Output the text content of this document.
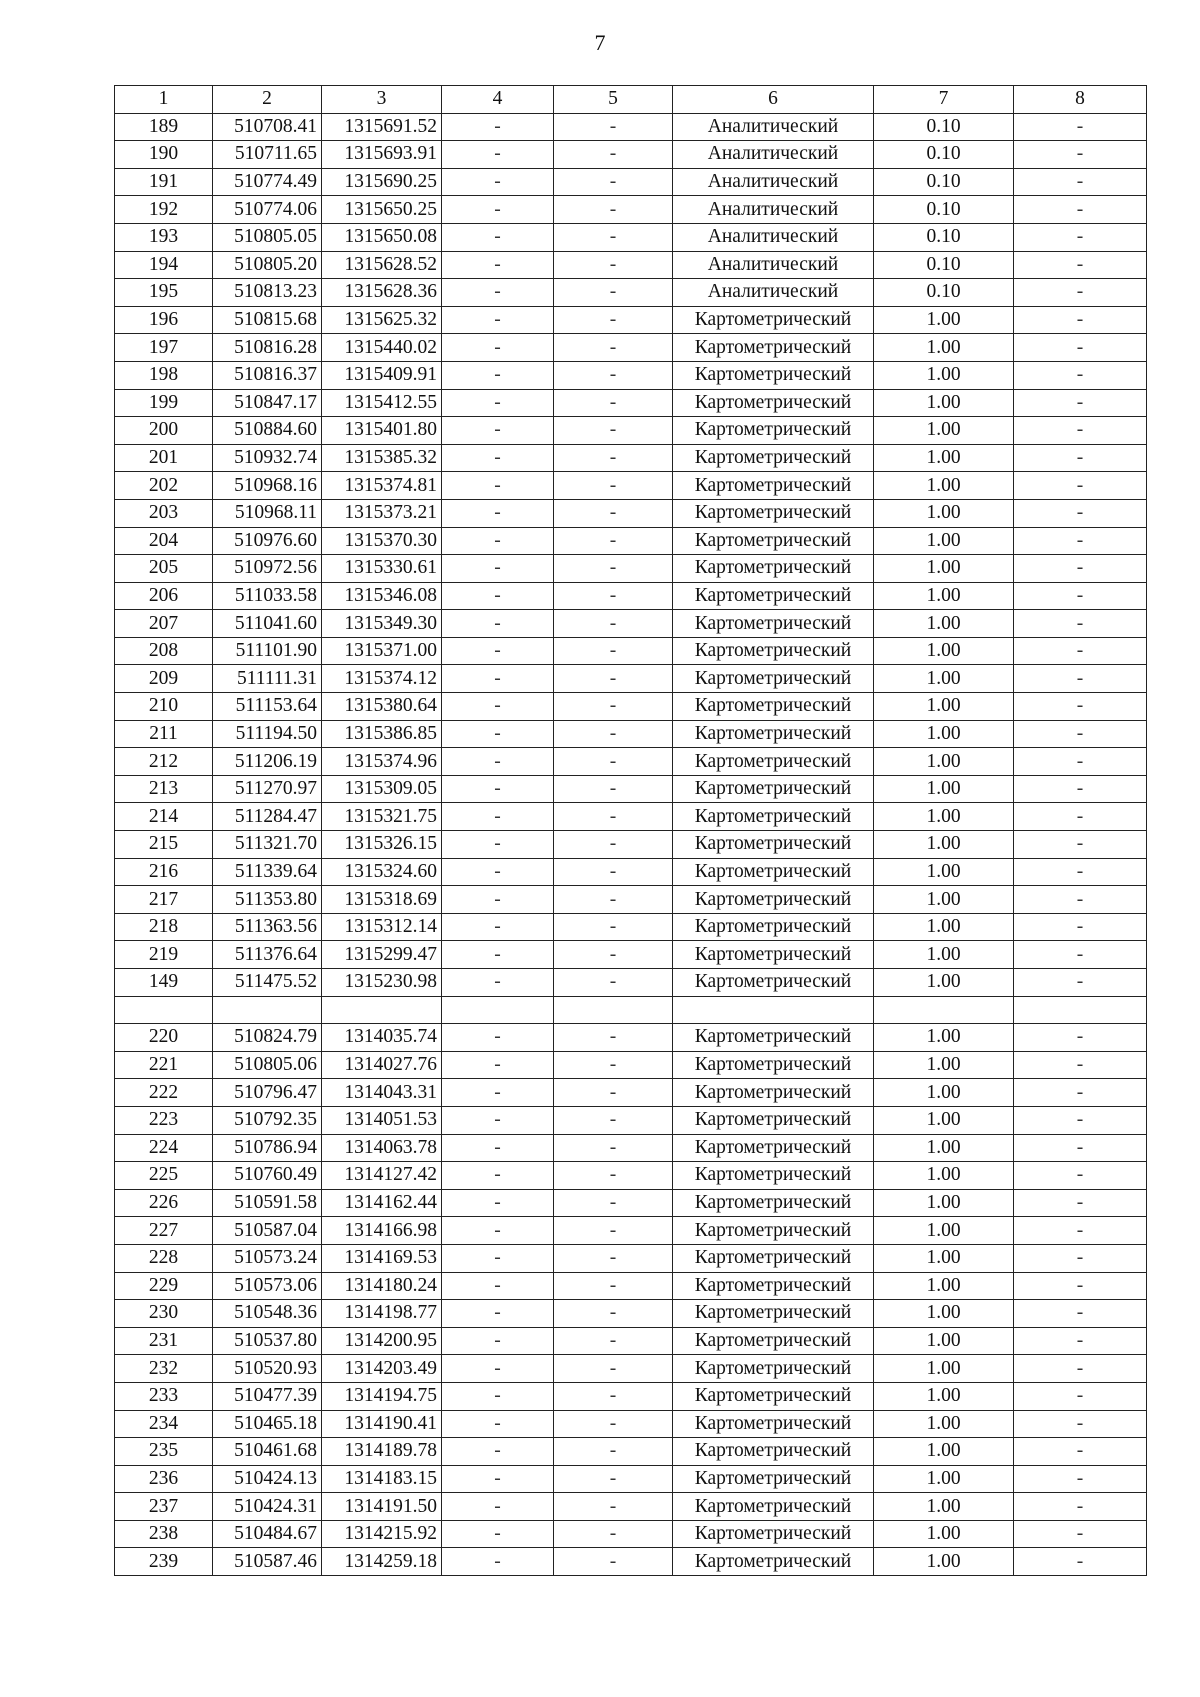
7
1	2	3	4	5	6	7	8
189	510708.41	1315691.52	-	-	Аналитический	0.10	-
190	510711.65	1315693.91	-	-	Аналитический	0.10	-
191	510774.49	1315690.25	-	-	Аналитический	0.10	-
192	510774.06	1315650.25	-	-	Аналитический	0.10	-
193	510805.05	1315650.08	-	-	Аналитический	0.10	-
194	510805.20	1315628.52	-	-	Аналитический	0.10	-
195	510813.23	1315628.36	-	-	Аналитический	0.10	-
196	510815.68	1315625.32	-	-	Картометрический	1.00	-
197	510816.28	1315440.02	-	-	Картометрический	1.00	-
198	510816.37	1315409.91	-	-	Картометрический	1.00	-
199	510847.17	1315412.55	-	-	Картометрический	1.00	-
200	510884.60	1315401.80	-	-	Картометрический	1.00	-
201	510932.74	1315385.32	-	-	Картометрический	1.00	-
202	510968.16	1315374.81	-	-	Картометрический	1.00	-
203	510968.11	1315373.21	-	-	Картометрический	1.00	-
204	510976.60	1315370.30	-	-	Картометрический	1.00	-
205	510972.56	1315330.61	-	-	Картометрический	1.00	-
206	511033.58	1315346.08	-	-	Картометрический	1.00	-
207	511041.60	1315349.30	-	-	Картометрический	1.00	-
208	511101.90	1315371.00	-	-	Картометрический	1.00	-
209	511111.31	1315374.12	-	-	Картометрический	1.00	-
210	511153.64	1315380.64	-	-	Картометрический	1.00	-
211	511194.50	1315386.85	-	-	Картометрический	1.00	-
212	511206.19	1315374.96	-	-	Картометрический	1.00	-
213	511270.97	1315309.05	-	-	Картометрический	1.00	-
214	511284.47	1315321.75	-	-	Картометрический	1.00	-
215	511321.70	1315326.15	-	-	Картометрический	1.00	-
216	511339.64	1315324.60	-	-	Картометрический	1.00	-
217	511353.80	1315318.69	-	-	Картометрический	1.00	-
218	511363.56	1315312.14	-	-	Картометрический	1.00	-
219	511376.64	1315299.47	-	-	Картометрический	1.00	-
149	511475.52	1315230.98	-	-	Картометрический	1.00	-

220	510824.79	1314035.74	-	-	Картометрический	1.00	-
221	510805.06	1314027.76	-	-	Картометрический	1.00	-
222	510796.47	1314043.31	-	-	Картометрический	1.00	-
223	510792.35	1314051.53	-	-	Картометрический	1.00	-
224	510786.94	1314063.78	-	-	Картометрический	1.00	-
225	510760.49	1314127.42	-	-	Картометрический	1.00	-
226	510591.58	1314162.44	-	-	Картометрический	1.00	-
227	510587.04	1314166.98	-	-	Картометрический	1.00	-
228	510573.24	1314169.53	-	-	Картометрический	1.00	-
229	510573.06	1314180.24	-	-	Картометрический	1.00	-
230	510548.36	1314198.77	-	-	Картометрический	1.00	-
231	510537.80	1314200.95	-	-	Картометрический	1.00	-
232	510520.93	1314203.49	-	-	Картометрический	1.00	-
233	510477.39	1314194.75	-	-	Картометрический	1.00	-
234	510465.18	1314190.41	-	-	Картометрический	1.00	-
235	510461.68	1314189.78	-	-	Картометрический	1.00	-
236	510424.13	1314183.15	-	-	Картометрический	1.00	-
237	510424.31	1314191.50	-	-	Картометрический	1.00	-
238	510484.67	1314215.92	-	-	Картометрический	1.00	-
239	510587.46	1314259.18	-	-	Картометрический	1.00	-
